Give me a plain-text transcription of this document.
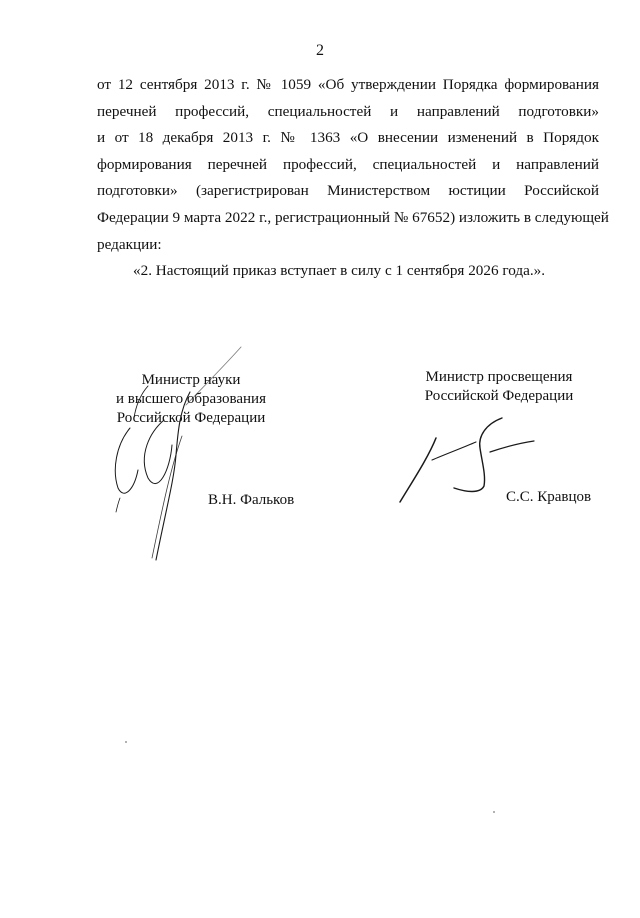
2
от 12 сентября 2013 г. № 1059 «Об утверждении Порядка формирования
перечней профессий, специальностей и направлений подготовки»
и от 18 декабря 2013 г. № 1363 «О внесении изменений в Порядок
формирования перечней профессий, специальностей и направлений
подготовки» (зарегистрирован Министерством юстиции Российской
Федерации 9 марта 2022 г., регистрационный № 67652) изложить в следующей
редакции:
«2. Настоящий приказ вступает в силу с 1 сентября 2026 года.».
Министр науки
и высшего образования
Российской Федерации
В.Н. Фальков
Министр просвещения
Российской Федерации
С.С. Кравцов
